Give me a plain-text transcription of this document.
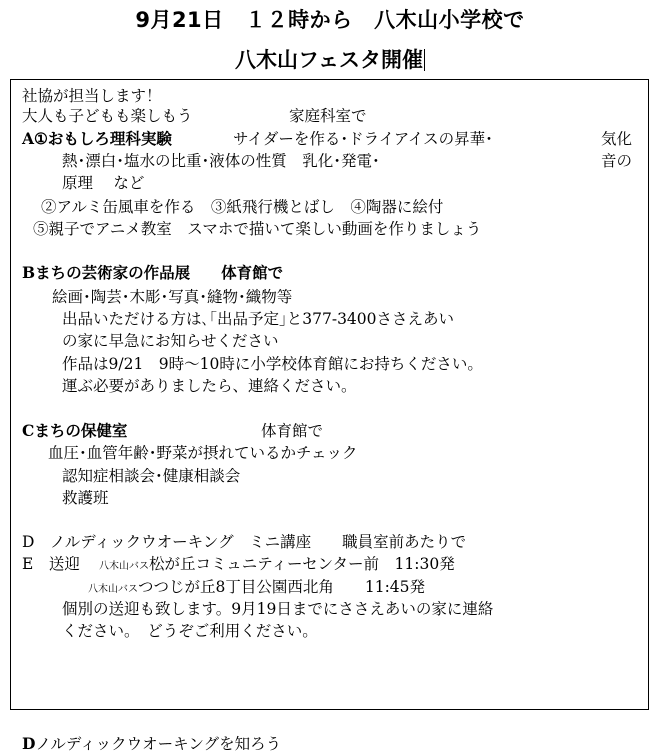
9月21日　１２時から　八木山小学校で
八木山フェスタ開催
社協が担当します！
大人も子どもも楽しもう	家庭科室で
A①おもしろ理科実験	サイダーを作る･ドライアイスの昇華･	気化
熱･漂白･塩水の比重･液体の性質　乳化･発電･	音の
原理　 など
②アルミ缶風車を作る　③紙飛行機とばし　④陶器に絵付
⑤親子でアニメ教室　スマホで描いて楽しい動画を作りましょう
Bまちの芸術家の作品展　　体育館で
絵画･陶芸･木彫･写真･縫物･織物等
出品いただける方は､｢出品予定｣と377-3400ささえあい
の家に早急にお知らせください
作品は9/21　9時～10時に小学校体育館にお持ちください。
運ぶ必要がありましたら、連絡ください。
Cまちの保健室	体育館で
血圧･血管年齢･野菜が摂れているかチェック
認知症相談会･健康相談会
救護班
D　ノルディックウオーキング　ミニ講座　　職員室前あたりで
E　送迎 八木山バス松が丘コミュニティーセンター前　11:30発
八木山バスつつじが丘8丁目公園西北角　　11:45発
個別の送迎も致します。9月19日までにささえあいの家に連絡
ください。　どうぞご利用ください。
Dノルディックウオーキングを知ろう
